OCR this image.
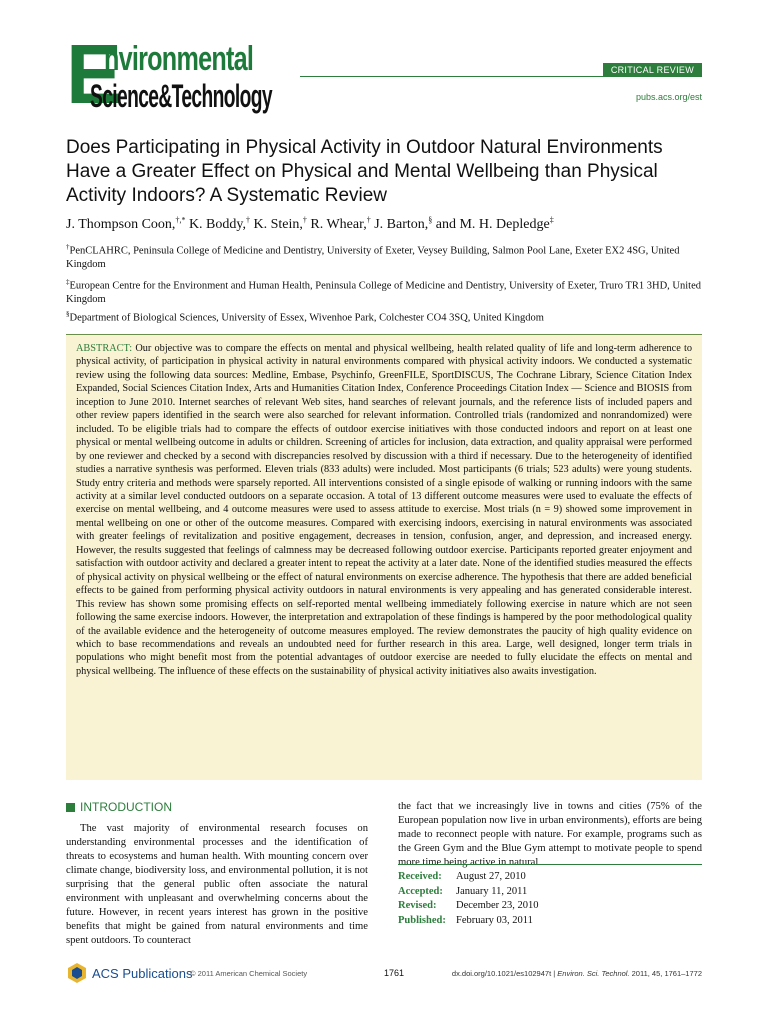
E
nvironmental
Science&Technology
CRITICAL REVIEW
pubs.acs.org/est
Does Participating in Physical Activity in Outdoor Natural Environments Have a Greater Effect on Physical and Mental Wellbeing than Physical Activity Indoors? A Systematic Review
J. Thompson Coon,†,* K. Boddy,† K. Stein,† R. Whear,† J. Barton,§ and M. H. Depledge‡
†PenCLAHRC, Peninsula College of Medicine and Dentistry, University of Exeter, Veysey Building, Salmon Pool Lane, Exeter EX2 4SG, United Kingdom
‡European Centre for the Environment and Human Health, Peninsula College of Medicine and Dentistry, University of Exeter, Truro TR1 3HD, United Kingdom
§Department of Biological Sciences, University of Essex, Wivenhoe Park, Colchester CO4 3SQ, United Kingdom

ABSTRACT: Our objective was to compare the effects on mental and physical wellbeing, health related quality of life and long-term adherence to physical activity, of participation in physical activity in natural environments compared with physical activity indoors. We conducted a systematic review using the following data sources: Medline, Embase, Psychinfo, GreenFILE, SportDISCUS, The Cochrane Library, Science Citation Index Expanded, Social Sciences Citation Index, Arts and Humanities Citation Index, Conference Proceedings Citation Index — Science and BIOSIS from inception to June 2010. Internet searches of relevant Web sites, hand searches of relevant journals, and the reference lists of included papers and other review papers identified in the search were also searched for relevant information. Controlled trials (randomized and nonrandomized) were included. To be eligible trials had to compare the effects of outdoor exercise initiatives with those conducted indoors and report on at least one physical or mental wellbeing outcome in adults or children. Screening of articles for inclusion, data extraction, and quality appraisal were performed by one reviewer and checked by a second with discrepancies resolved by discussion with a third if necessary. Due to the heterogeneity of identified studies a narrative synthesis was performed. Eleven trials (833 adults) were included. Most participants (6 trials; 523 adults) were young students. Study entry criteria and methods were sparsely reported. All interventions consisted of a single episode of walking or running indoors with the same activity at a similar level conducted outdoors on a separate occasion. A total of 13 different outcome measures were used to evaluate the effects of exercise on mental wellbeing, and 4 outcome measures were used to assess attitude to exercise. Most trials (n = 9) showed some improvement in mental wellbeing on one or other of the outcome measures. Compared with exercising indoors, exercising in natural environments was associated with greater feelings of revitalization and positive engagement, decreases in tension, confusion, anger, and depression, and increased energy. However, the results suggested that feelings of calmness may be decreased following outdoor exercise. Participants reported greater enjoyment and satisfaction with outdoor activity and declared a greater intent to repeat the activity at a later date. None of the identified studies measured the effects of physical activity on physical wellbeing or the effect of natural environments on exercise adherence. The hypothesis that there are added beneficial effects to be gained from performing physical activity outdoors in natural environments is very appealing and has generated considerable interest. This review has shown some promising effects on self-reported mental wellbeing immediately following exercise in nature which are not seen following the same exercise indoors. However, the interpretation and extrapolation of these findings is hampered by the poor methodological quality of the available evidence and the heterogeneity of outcome measures employed. The review demonstrates the paucity of high quality evidence on which to base recommendations and reveals an undoubted need for further research in this area. Large, well designed, longer term trials in populations who might benefit most from the potential advantages of outdoor exercise are needed to fully elucidate the effects on mental and physical wellbeing. The influence of these effects on the sustainability of physical activity initiatives also awaits investigation.

INTRODUCTION

The vast majority of environmental research focuses on understanding environmental processes and the identification of threats to ecosystems and human health. With mounting concern over climate change, biodiversity loss, and environmental pollution, it is not surprising that the general public often associate the natural environment with unpleasant and overwhelming concerns about the future. However, in recent years interest has grown in the positive benefits that might be gained from natural environments and time spent outdoors. To counteract

the fact that we increasingly live in towns and cities (75% of the European population now live in urban environments), efforts are being made to reconnect people with nature. For example, programs such as the Green Gym and the Blue Gym attempt to motivate people to spend more time being active in natural

Received:	August 27, 2010
Accepted:	January 11, 2011
Revised:	December 23, 2010
Published: February 03, 2011
ACS Publications
© 2011 American Chemical Society	1761	dx.doi.org/10.1021/es102947t | Environ. Sci. Technol. 2011, 45, 1761–1772
